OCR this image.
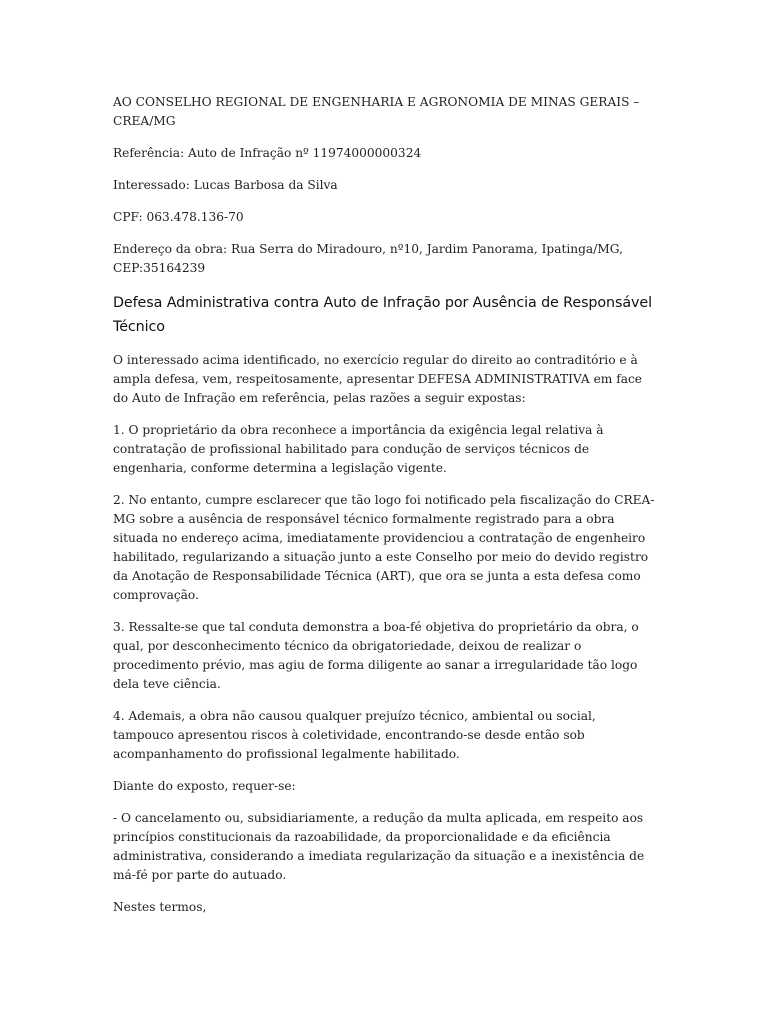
AO CONSELHO REGIONAL DE ENGENHARIA E AGRONOMIA DE MINAS GERAIS – CREA/MG

Referência: Auto de Infração nº 11974000000324

Interessado: Lucas Barbosa da Silva

CPF: 063.478.136-70

Endereço da obra: Rua Serra do Miradouro, nº10, Jardim Panorama, Ipatinga/MG, CEP:35164239

Defesa Administrativa contra Auto de Infração por Ausência de Responsável Técnico

O interessado acima identificado, no exercício regular do direito ao contraditório e à ampla defesa, vem, respeitosamente, apresentar DEFESA ADMINISTRATIVA em face do Auto de Infração em referência, pelas razões a seguir expostas:

1. O proprietário da obra reconhece a importância da exigência legal relativa à contratação de profissional habilitado para condução de serviços técnicos de engenharia, conforme determina a legislação vigente.

2. No entanto, cumpre esclarecer que tão logo foi notificado pela fiscalização do CREA-MG sobre a ausência de responsável técnico formalmente registrado para a obra situada no endereço acima, imediatamente providenciou a contratação de engenheiro habilitado, regularizando a situação junto a este Conselho por meio do devido registro da Anotação de Responsabilidade Técnica (ART), que ora se junta a esta defesa como comprovação.

3. Ressalte-se que tal conduta demonstra a boa-fé objetiva do proprietário da obra, o qual, por desconhecimento técnico da obrigatoriedade, deixou de realizar o procedimento prévio, mas agiu de forma diligente ao sanar a irregularidade tão logo dela teve ciência.

4. Ademais, a obra não causou qualquer prejuízo técnico, ambiental ou social, tampouco apresentou riscos à coletividade, encontrando-se desde então sob acompanhamento do profissional legalmente habilitado.

Diante do exposto, requer-se:

- O cancelamento ou, subsidiariamente, a redução da multa aplicada, em respeito aos princípios constitucionais da razoabilidade, da proporcionalidade e da eficiência administrativa, considerando a imediata regularização da situação e a inexistência de má-fé por parte do autuado.

Nestes termos,
